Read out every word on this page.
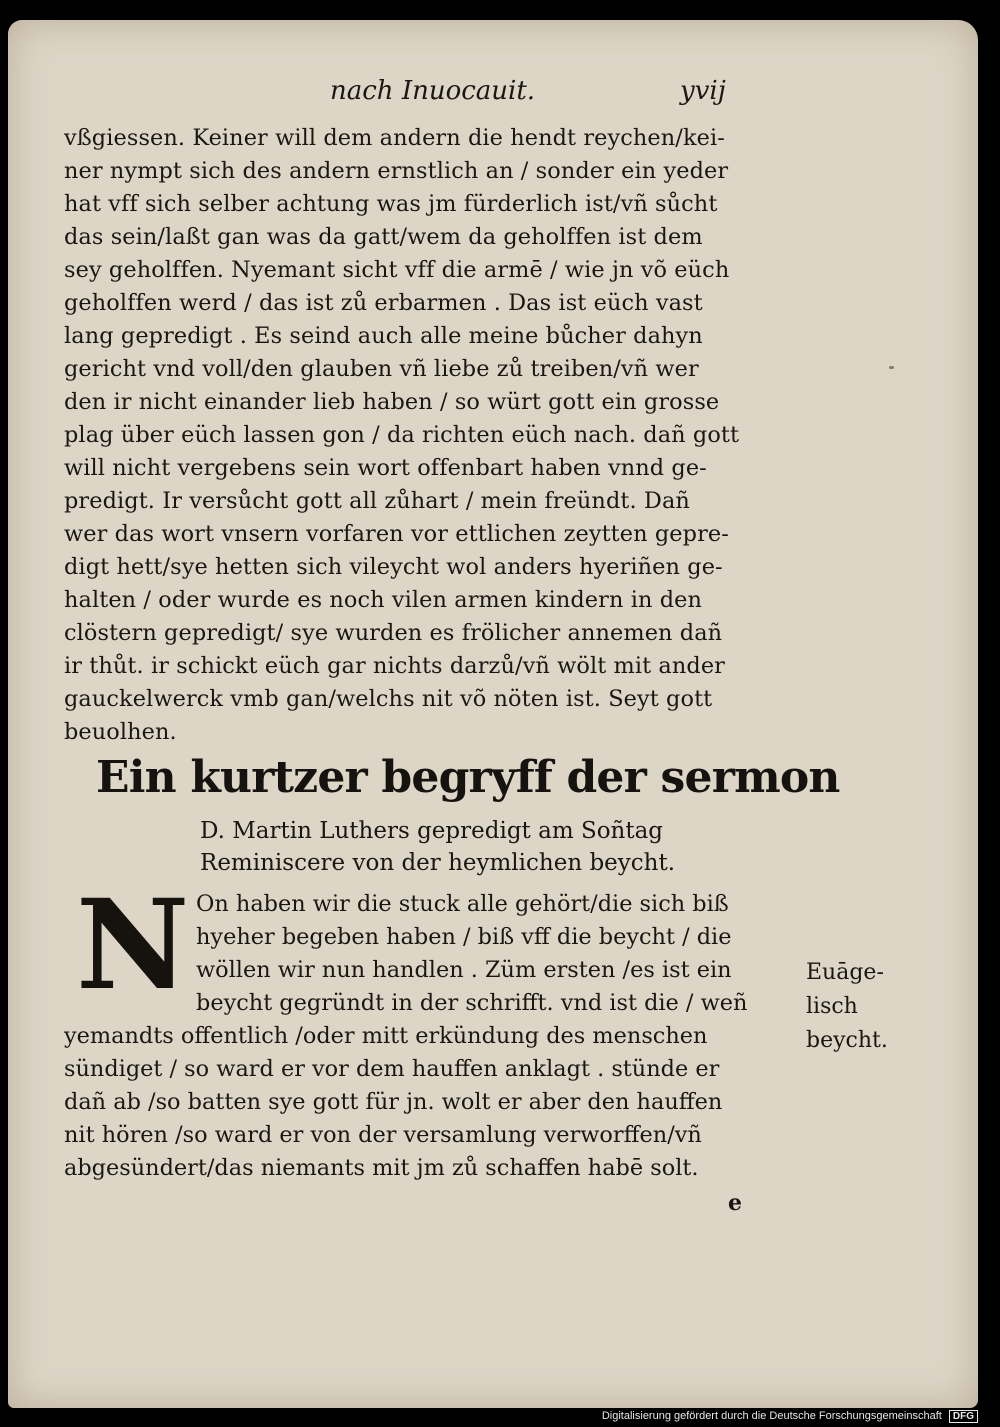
nach Inuocauit.	yvij
vßgiessen. Keiner will dem andern die hendt reychen/kei-
ner nympt sich des andern ernstlich an / sonder ein yeder
hat vff sich selber achtung was jm fürderlich ist/vñ sůcht
das sein/laßt gan was da gatt/wem da geholffen ist dem
sey geholffen. Nyemant sicht vff die armē / wie jn võ eüch
geholffen werd / das ist zů erbarmen . Das ist eüch vast
lang gepredigt . Es seind auch alle meine bůcher dahyn
gericht vnd voll/den glauben vñ liebe zů treiben/vñ wer
den ir nicht einander lieb haben / so würt gott ein grosse
plag über eüch lassen gon / da richten eüch nach. dañ gott
will nicht vergebens sein wort offenbart haben vnnd ge-
predigt. Ir versůcht gott all zůhart / mein freündt. Dañ
wer das wort vnsern vorfaren vor ettlichen zeytten gepre-
digt hett/sye hetten sich vileycht wol anders hyeriñen ge-
halten / oder wurde es noch vilen armen kindern in den
clöstern gepredigt/ sye wurden es frölicher annemen dañ
ir thůt. ir schickt eüch gar nichts darzů/vñ wölt mit ander
gauckelwerck vmb gan/welchs nit võ nöten ist. Seyt gott
beuolhen.
Ein kurtzer begryff der sermon
D. Martin Luthers gepredigt am Soñtag
Reminiscere von der heymlichen beycht.
N On haben wir die stuck alle gehört/die sich biß
hyeher begeben haben / biß vff die beycht / die
wöllen wir nun handlen . Züm ersten /es ist ein
beycht gegründt in der schrifft. vnd ist die / weñ
yemandts offentlich /oder mitt erkündung des menschen
sündiget / so ward er vor dem hauffen anklagt . stünde er
dañ ab /so batten sye gott für jn. wolt er aber den hauffen
nit hören /so ward er von der versamlung verworffen/vñ
abgesündert/das niemants mit jm zů schaffen habē solt.
Euāge-
lisch
beycht.
e
Digitalisierung gefördert durch die Deutsche Forschungsgemeinschaft DFG
